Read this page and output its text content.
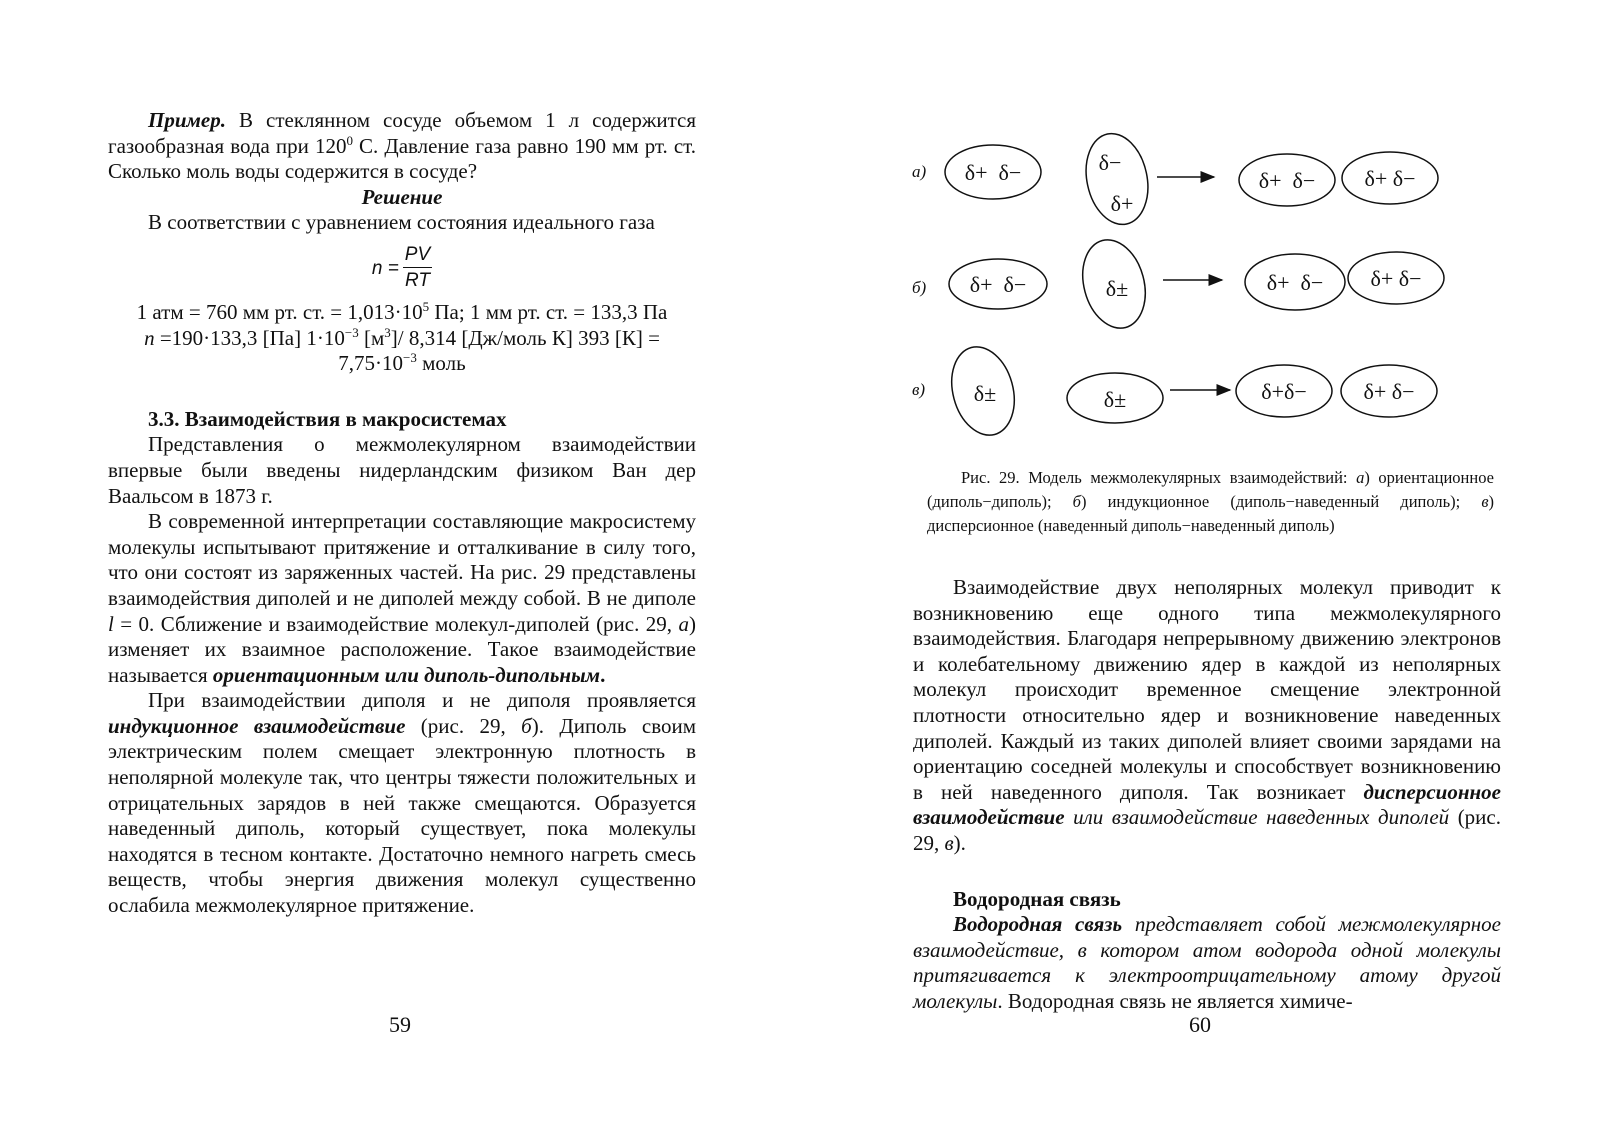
Пример. В стеклянном сосуде объемом 1 л содержится газообразная вода при $120^0$ С. Давление газа равно 190 мм рт. ст. Сколько моль воды содержится в сосуде?

Решение

В соответствии с уравнением состояния идеального газа

$n = \frac{PV}{RT}$

1 атм = 760 мм рт. ст. = $1,013\cdot 10^5$ Па; 1 мм рт. ст. = 133,3 Па

n =190·133,3 [Па] $1\cdot 10^{-3}$ $[м^3]/$ 8,314 [Дж/моль К] 393 [К] =

$7,75\cdot 10^{-3}$ моль

3.3. Взаимодействия в макросистемах

Представления о межмолекулярном взаимодействии впервые были введены нидерландским физиком Ван дер Ваальсом в 1873 г.

В современной интерпретации составляющие макросистему молекулы испытывают притяжение и отталкивание в силу того, что они состоят из заряженных частей. На рис. 29 представлены взаимодействия диполей и не диполей между собой. В не диполе l = 0. Сближение и взаимодействие молекул-диполей (рис. 29, а) изменяет их взаимное расположение. Такое взаимодействие называется ориентационным или диполь-дипольным.

При взаимодействии диполя и не диполя проявляется индукционное взаимодействие (рис. 29, б). Диполь своим электрическим полем смещает электронную плотность в неполярной молекуле так, что центры тяжести положительных и отрицательных зарядов в ней также смещаются. Образуется наведенный диполь, который существует, пока молекулы находятся в тесном контакте. Достаточно немного нагреть смесь веществ, чтобы энергия движения молекул существенно ослабила межмолекулярное притяжение.

59
а) δ+  δ−	δ−
δ+
δ+  δ− δ+ δ−
б) δ+  δ−	δ±	δ+  δ− δ+ δ−
в) δ±	δ±	δ+δ−	δ+ δ−
Рис. 29. Модель межмолекулярных взаимодействий: а) ориентационное (диполь−диполь); б) индукционное (диполь−наведенный диполь); в) дисперсионное (наведенный диполь−наведенный диполь)

Взаимодействие двух неполярных молекул приводит к возникновению еще одного типа межмолекулярного взаимодействия. Благодаря непрерывному движению электронов и колебательному движению ядер в каждой из неполярных молекул происходит временное смещение электронной плотности относительно ядер и возникновение наведенных диполей. Каждый из таких диполей влияет своими зарядами на ориентацию соседней молекулы и способствует возникновению в ней наведенного диполя. Так возникает дисперсионное взаимодействие или взаимодействие наведенных диполей (рис. 29, в).

Водородная связь

Водородная связь представляет собой межмолекулярное взаимодействие, в котором атом водорода одной молекулы притягивается к электроотрицательному атому другой молекулы. Водородная связь не является химиче-

60
